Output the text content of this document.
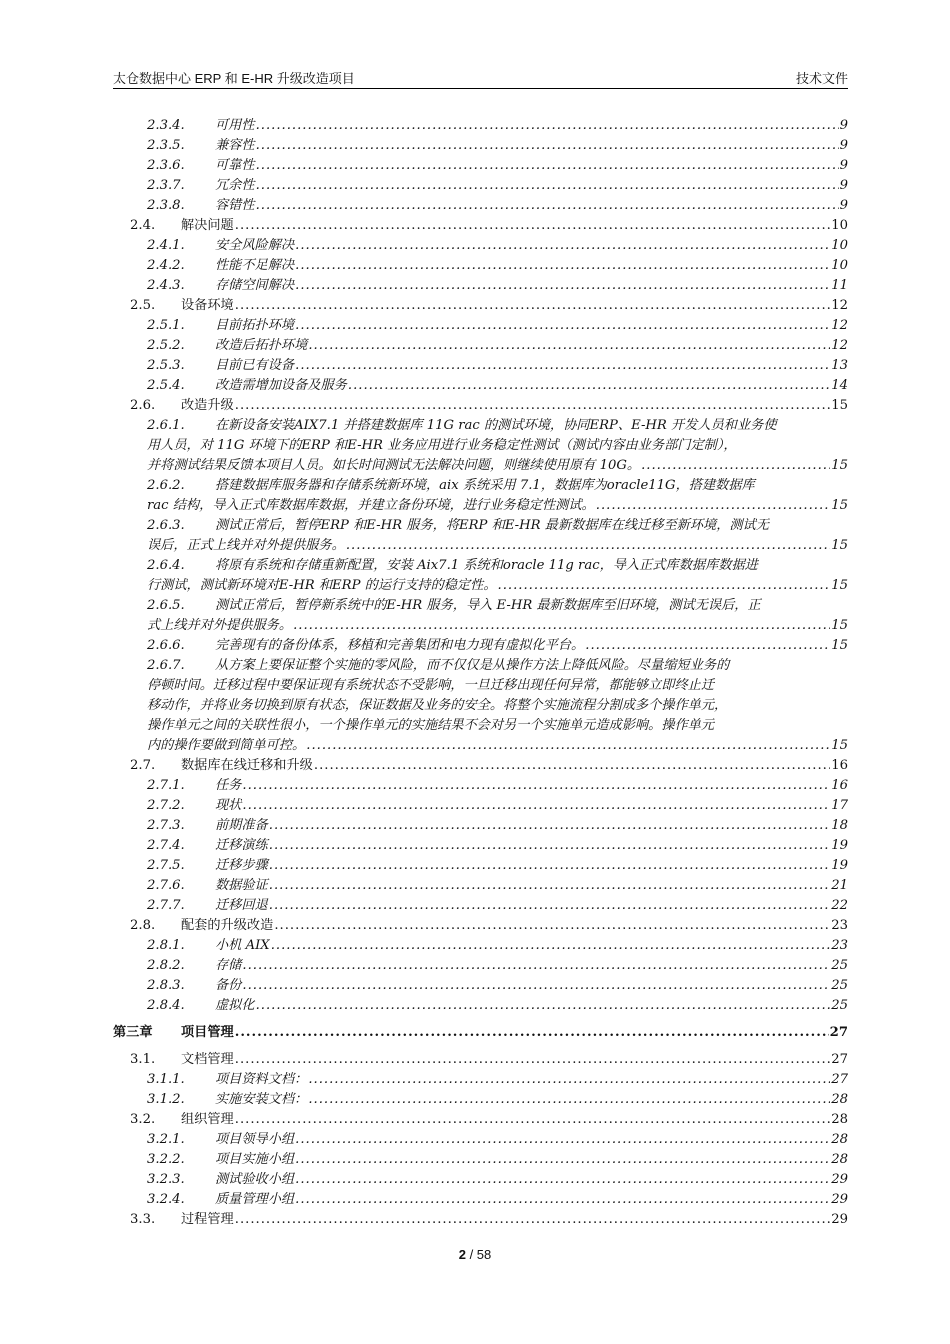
太仓数据中心 ERP 和 E-HR 升级改造项目	技术文件
2.3.4.	可用性 .....	9
2.3.5.	兼容性 .....	9
2.3.6.	可靠性 .....	9
2.3.7.	冗余性 .....	9
2.3.8.	容错性 .....	9
2.4.	解决问题 .....	10
2.4.1.	安全风险解决 .....	10
2.4.2.	性能不足解决 .....	10
2.4.3.	存储空间解决 .....	11
2.5.	设备环境 .....	12
2.5.1.	目前拓扑环境 .....	12
2.5.2.	改造后拓扑环境 .....	12
2.5.3.	目前已有设备 .....	13
2.5.4.	改造需增加设备及服务 .....	14
2.6.	改造升级 .....	15
2.6.1.	在新设备安装AIX7.1 并搭建数据库 11G rac 的测试环境，协同ERP、E-HR 开发人员和业务使
用人员，对 11G 环境下的ERP 和E-HR 业务应用进行业务稳定性测试（测试内容由业务部门定制），
并将测试结果反馈本项目人员。如长时间测试无法解决问题，则继续使用原有 10G。 .....	15
2.6.2.	搭建数据库服务器和存储系统新环境，aix 系统采用 7.1，数据库为oracle11G，搭建数据库
rac 结构，导入正式库数据库数据，并建立备份环境，进行业务稳定性测试。 .....	15
2.6.3.	测试正常后，暂停ERP 和E-HR 服务，将ERP 和E-HR 最新数据库在线迁移至新环境，测试无
误后，正式上线并对外提供服务。 .....	15
2.6.4.	将原有系统和存储重新配置，安装 Aix7.1 系统和oracle 11g rac，导入正式库数据库数据进
行测试，测试新环境对E-HR 和ERP 的运行支持的稳定性。 .....	15
2.6.5.	测试正常后，暂停新系统中的E-HR 服务，导入 E-HR 最新数据库至旧环境，测试无误后，正
式上线并对外提供服务。 .....	15
2.6.6.	完善现有的备份体系，移植和完善集团和电力现有虚拟化平台。 .....	15
2.6.7.	从方案上要保证整个实施的零风险，而不仅仅是从操作方法上降低风险。尽量缩短业务的
停顿时间。迁移过程中要保证现有系统状态不受影响，一旦迁移出现任何异常，都能够立即终止迁
移动作，并将业务切换到原有状态，保证数据及业务的安全。将整个实施流程分割成多个操作单元，
操作单元之间的关联性很小，一个操作单元的实施结果不会对另一个实施单元造成影响。操作单元
内的操作要做到简单可控。 .....	15
2.7.	数据库在线迁移和升级 .....	16
2.7.1.	任务 .....	16
2.7.2.	现状 .....	17
2.7.3.	前期准备 .....	18
2.7.4.	迁移演练 .....	19
2.7.5.	迁移步骤 .....	19
2.7.6.	数据验证 .....	21
2.7.7.	迁移回退 .....	22
2.8.	配套的升级改造 .....	23
2.8.1.	小机 AIX .....	23
2.8.2.	存储 .....	25
2.8.3.	备份 .....	25
2.8.4.	虚拟化 .....	25
第三章	项目管理 .....	27
3.1.	文档管理 .....	27
3.1.1.	项目资料文档： .....	27
3.1.2.	实施安装文档： .....	28
3.2.	组织管理 .....	28
3.2.1.	项目领导小组 .....	28
3.2.2.	项目实施小组 .....	28
3.2.3.	测试验收小组 .....	29
3.2.4.	质量管理小组 .....	29
3.3.	过程管理 .....	29
2 / 58
